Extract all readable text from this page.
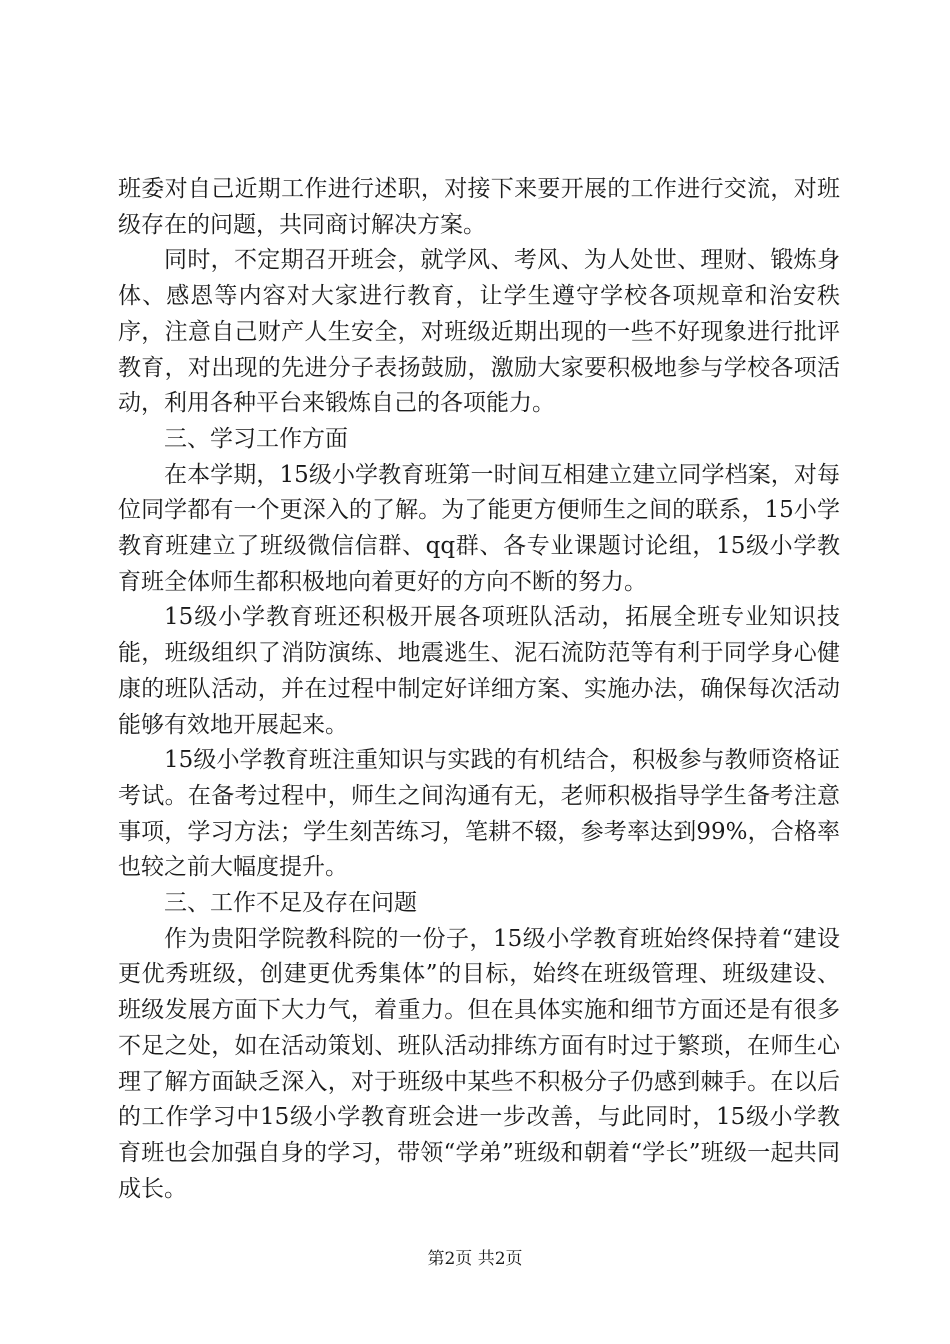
班委对自己近期工作进行述职，对接下来要开展的工作进行交流，对班级存在的问题，共同商讨解决方案。

同时，不定期召开班会，就学风、考风、为人处世、理财、锻炼身体、感恩等内容对大家进行教育，让学生遵守学校各项规章和治安秩序，注意自己财产人生安全，对班级近期出现的一些不好现象进行批评教育，对出现的先进分子表扬鼓励，激励大家要积极地参与学校各项活动，利用各种平台来锻炼自己的各项能力。

三、学习工作方面

在本学期，15级小学教育班第一时间互相建立建立同学档案，对每位同学都有一个更深入的了解。为了能更方便师生之间的联系，15小学教育班建立了班级微信信群、qq群、各专业课题讨论组，15级小学教育班全体师生都积极地向着更好的方向不断的努力。

15级小学教育班还积极开展各项班队活动，拓展全班专业知识技能，班级组织了消防演练、地震逃生、泥石流防范等有利于同学身心健康的班队活动，并在过程中制定好详细方案、实施办法，确保每次活动能够有效地开展起来。

15级小学教育班注重知识与实践的有机结合，积极参与教师资格证考试。在备考过程中，师生之间沟通有无，老师积极指导学生备考注意事项，学习方法；学生刻苦练习，笔耕不辍，参考率达到99%，合格率也较之前大幅度提升。

三、工作不足及存在问题

作为贵阳学院教科院的一份子，15级小学教育班始终保持着“建设更优秀班级，创建更优秀集体”的目标，始终在班级管理、班级建设、班级发展方面下大力气，着重力。但在具体实施和细节方面还是有很多不足之处，如在活动策划、班队活动排练方面有时过于繁琐，在师生心理了解方面缺乏深入，对于班级中某些不积极分子仍感到棘手。在以后的工作学习中15级小学教育班会进一步改善，与此同时，15级小学教育班也会加强自身的学习，带领“学弟”班级和朝着“学长”班级一起共同成长。

第2页 共2页
